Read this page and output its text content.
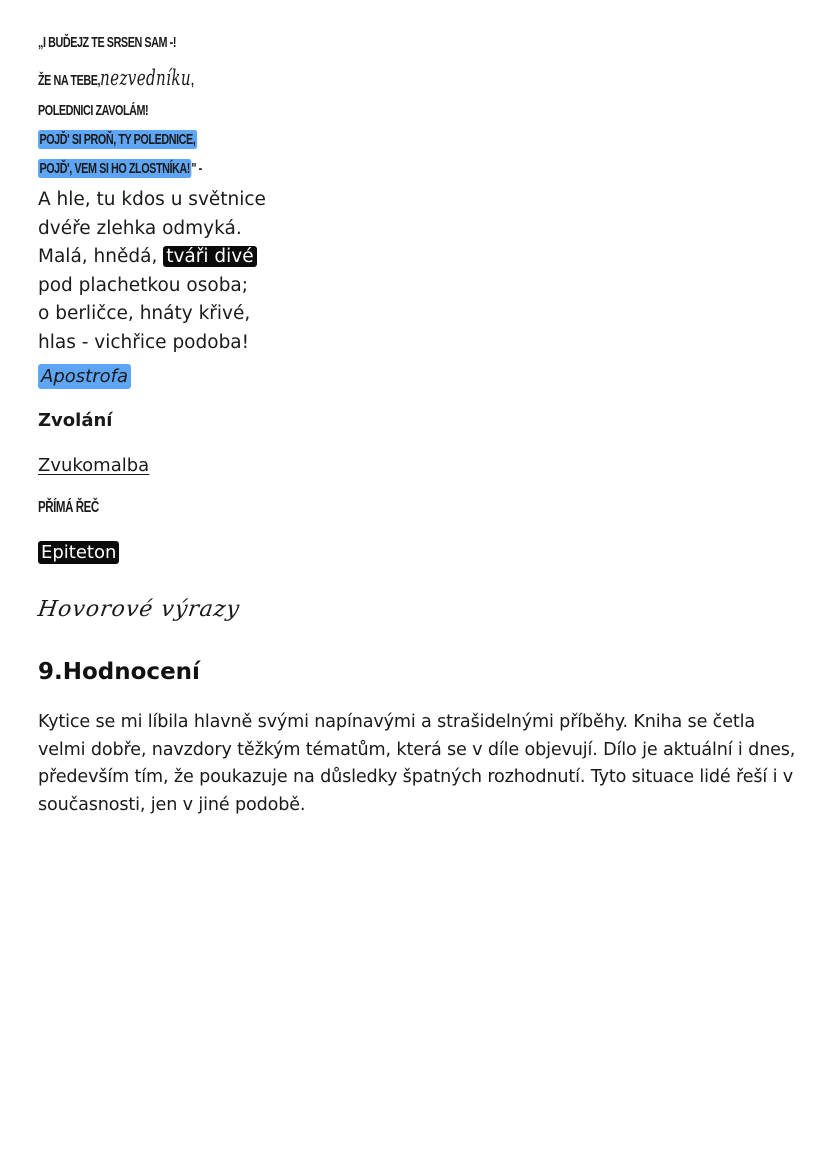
„I BUĎEJZ TE SRSEN SAM -!
ŽE NA TEBE,nezvedníku,
POLEDNICI ZAVOLÁM!
POJĎ' SI PROŇ, TY POLEDNICE,
POJĎ', VEM SI HO ZLOSTNÍKA!" -
A hle, tu kdos u světnice
dvéře zlehka odmyká.
Malá, hnědá, tváři divé
pod plachetkou osoba;
o berličce, hnáty křivé,
hlas - vichřice podoba!
Apostrofa
Zvolání
Zvukomalba
PŘÍMÁ ŘEČ
Epiteton
Hovorové výrazy
9.Hodnocení
Kytice se mi líbila hlavně svými napínavými a strašidelnými příběhy. Kniha se četla velmi dobře, navzdory těžkým tématům, která se v díle objevují. Dílo je aktuální i dnes, především tím, že poukazuje na důsledky špatných rozhodnutí. Tyto situace lidé řeší i v současnosti, jen v jiné podobě.
